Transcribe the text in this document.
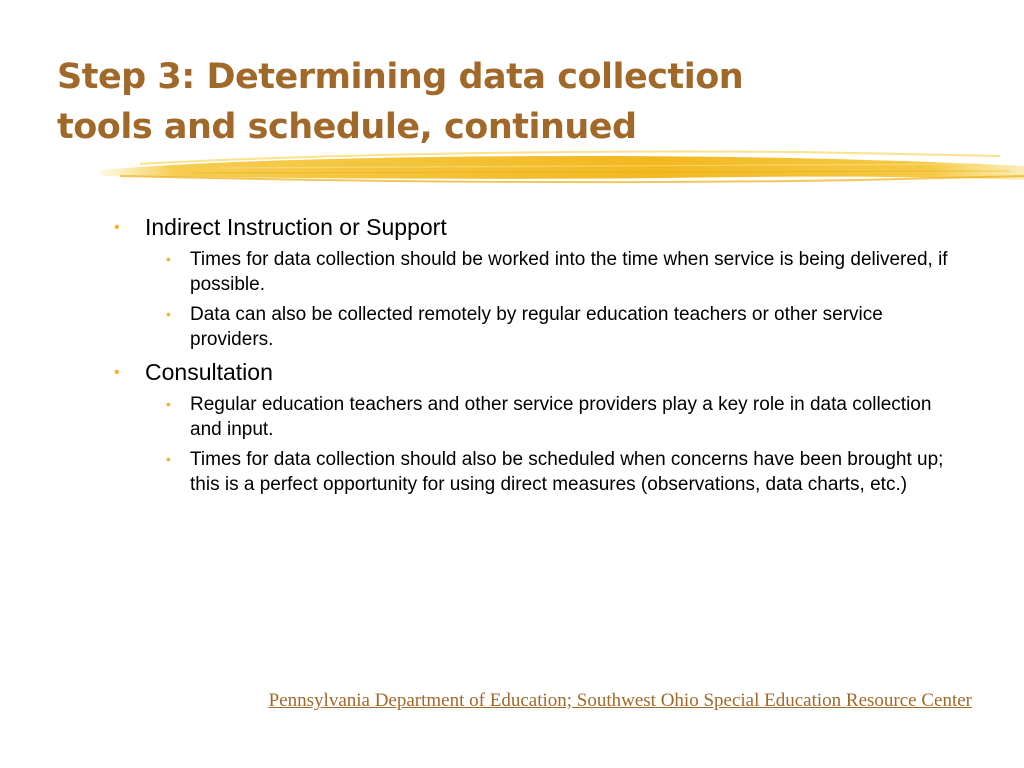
Step 3: Determining data collection
tools and schedule, continued
• Indirect Instruction or Support
• Times for data collection should be worked into the time when service is being delivered, if possible.
• Data can also be collected remotely by regular education teachers or other service providers.
• Consultation
• Regular education teachers and other service providers play a key role in data collection and input.
• Times for data collection should also be scheduled when concerns have been brought up; this is a perfect opportunity for using direct measures (observations, data charts, etc.)
Pennsylvania Department of Education; Southwest Ohio Special Education Resource Center
